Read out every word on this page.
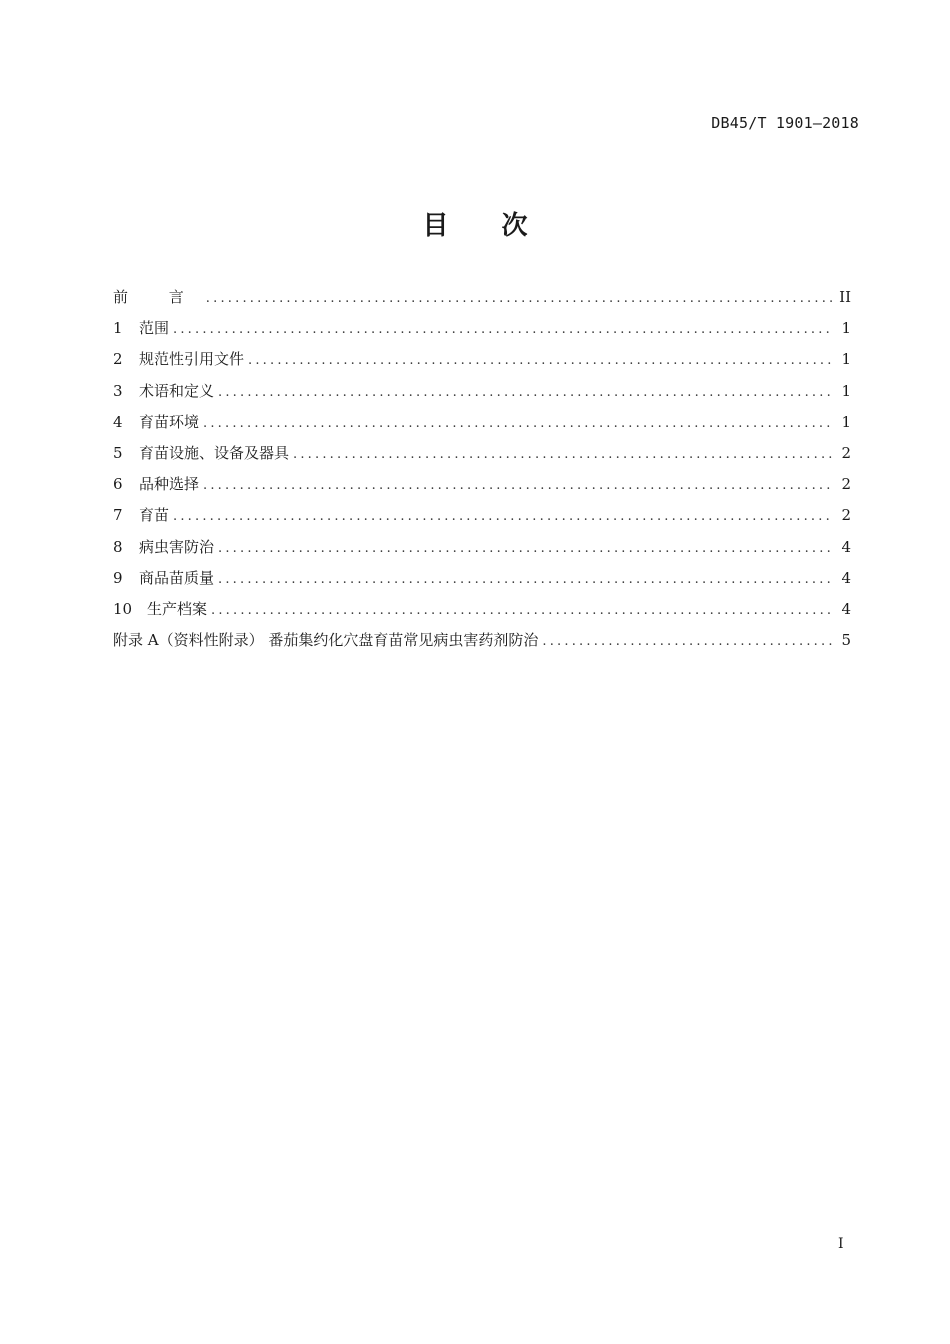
DB45/T 1901—2018
目 次
前 言 .....	II
1 范围 .....	1
2 规范性引用文件 .....	1
3 术语和定义 .....	1
4 育苗环境 .....	1
5 育苗设施、设备及器具 .....	2
6 品种选择 .....	2
7 育苗 .....	2
8 病虫害防治 .....	4
9 商品苗质量 .....	4
10 生产档案 .....	4
附录 A（资料性附录） 番茄集约化穴盘育苗常见病虫害药剂防治 .....	5
I
